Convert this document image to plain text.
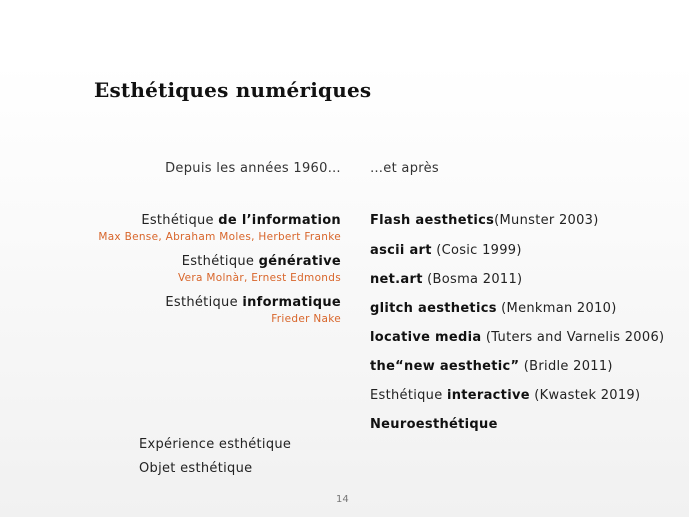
Esthétiques numériques
Depuis les années 1960…
Esthétique de l’information
Max Bense, Abraham Moles, Herbert Franke
Esthétique générative
Vera Molnàr, Ernest Edmonds
Esthétique informatique
Frieder Nake
…et après
Flash aesthetics(Munster 2003)
ascii art (Cosic 1999)
net.art (Bosma 2011)
glitch aesthetics (Menkman 2010)
locative media (Tuters and Varnelis 2006)
the“new aesthetic” (Bridle 2011)
Esthétique interactive (Kwastek 2019)
Neuroesthétique
Expérience esthétique
Objet esthétique
14
